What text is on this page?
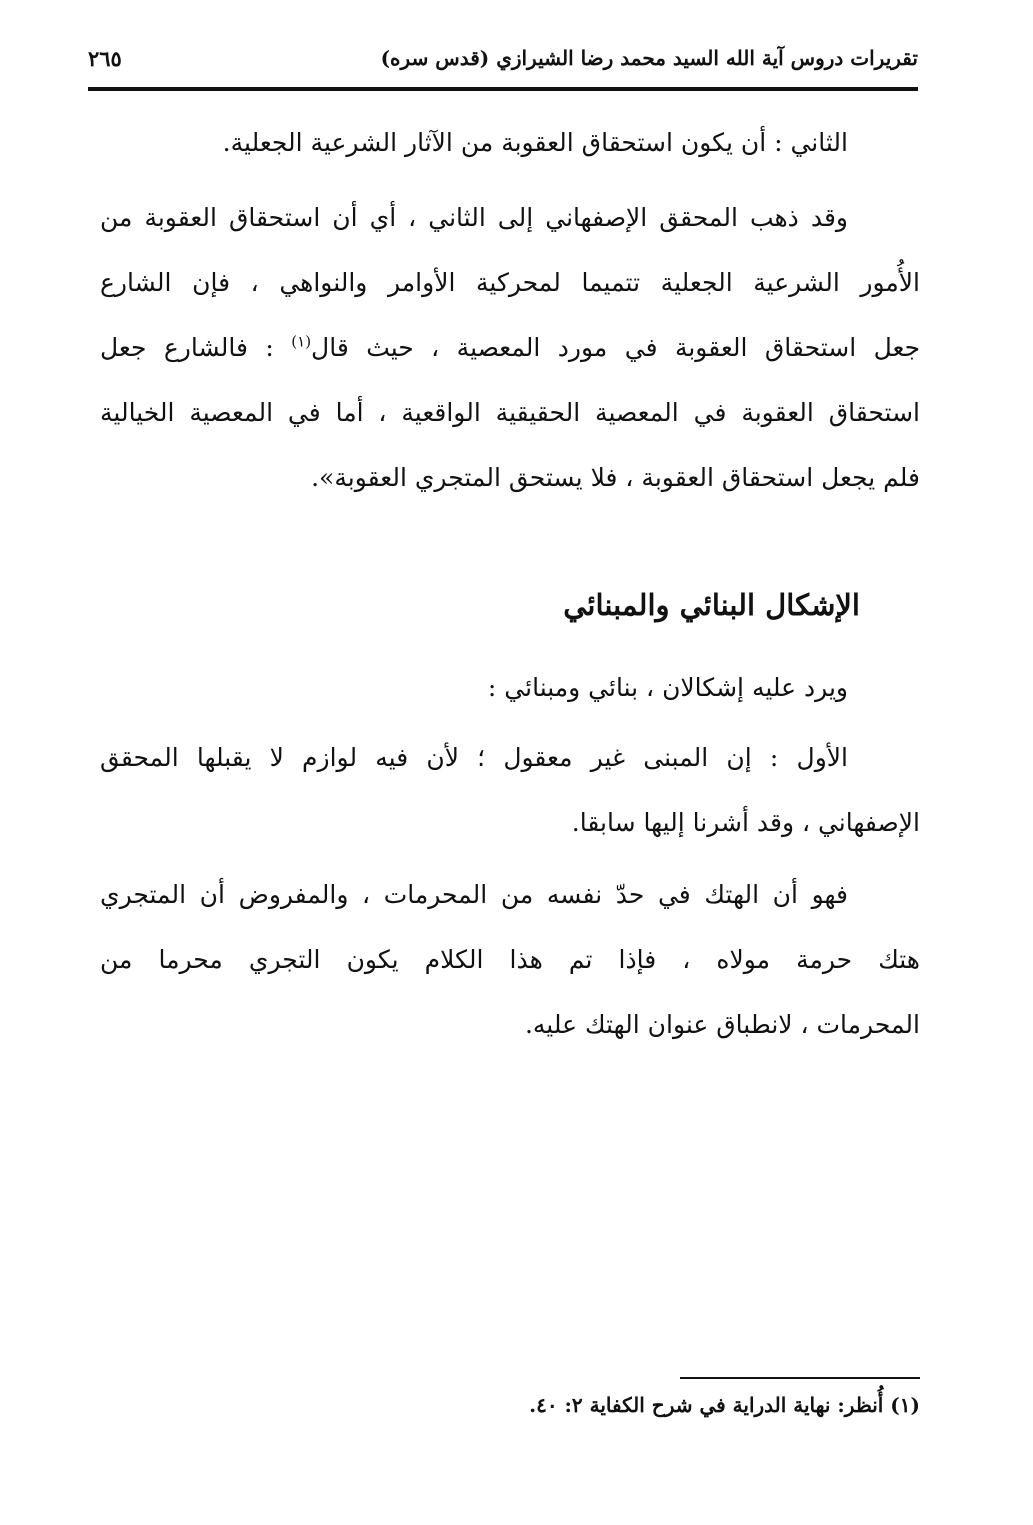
تقريرات دروس آية الله السيد محمد رضا الشيرازي (قدس سره)
٢٦٥
الثاني : أن يكون استحقاق العقوبة من الآثار الشرعية الجعلية.
وقد ذهب المحقق الإصفهاني إلى الثاني ، أي أن استحقاق العقوبة من
الأُمور الشرعية الجعلية تتميما لمحركية الأوامر والنواهي ، فإن الشارع
جعل استحقاق العقوبة في مورد المعصية ، حيث قال$^{(١)}$ : فالشارع جعل
استحقاق العقوبة في المعصية الحقيقية الواقعية ، أما في المعصية الخيالية
فلم يجعل استحقاق العقوبة ، فلا يستحق المتجري العقوبة».
الإشكال البنائي والمبنائي
ويرد عليه إشكالان ، بنائي ومبنائي :
الأول : إن المبنى غير معقول ؛ لأن فيه لوازم لا يقبلها المحقق
الإصفهاني ، وقد أشرنا إليها سابقا.
فهو أن الهتك في حدّ نفسه من المحرمات ، والمفروض أن المتجري
هتك حرمة مولاه ، فإذا تم هذا الكلام يكون التجري محرما من
المحرمات ، لانطباق عنوان الهتك عليه.
(١) أُنظر: نهاية الدراية في شرح الكفاية ٢: ٤٠.
